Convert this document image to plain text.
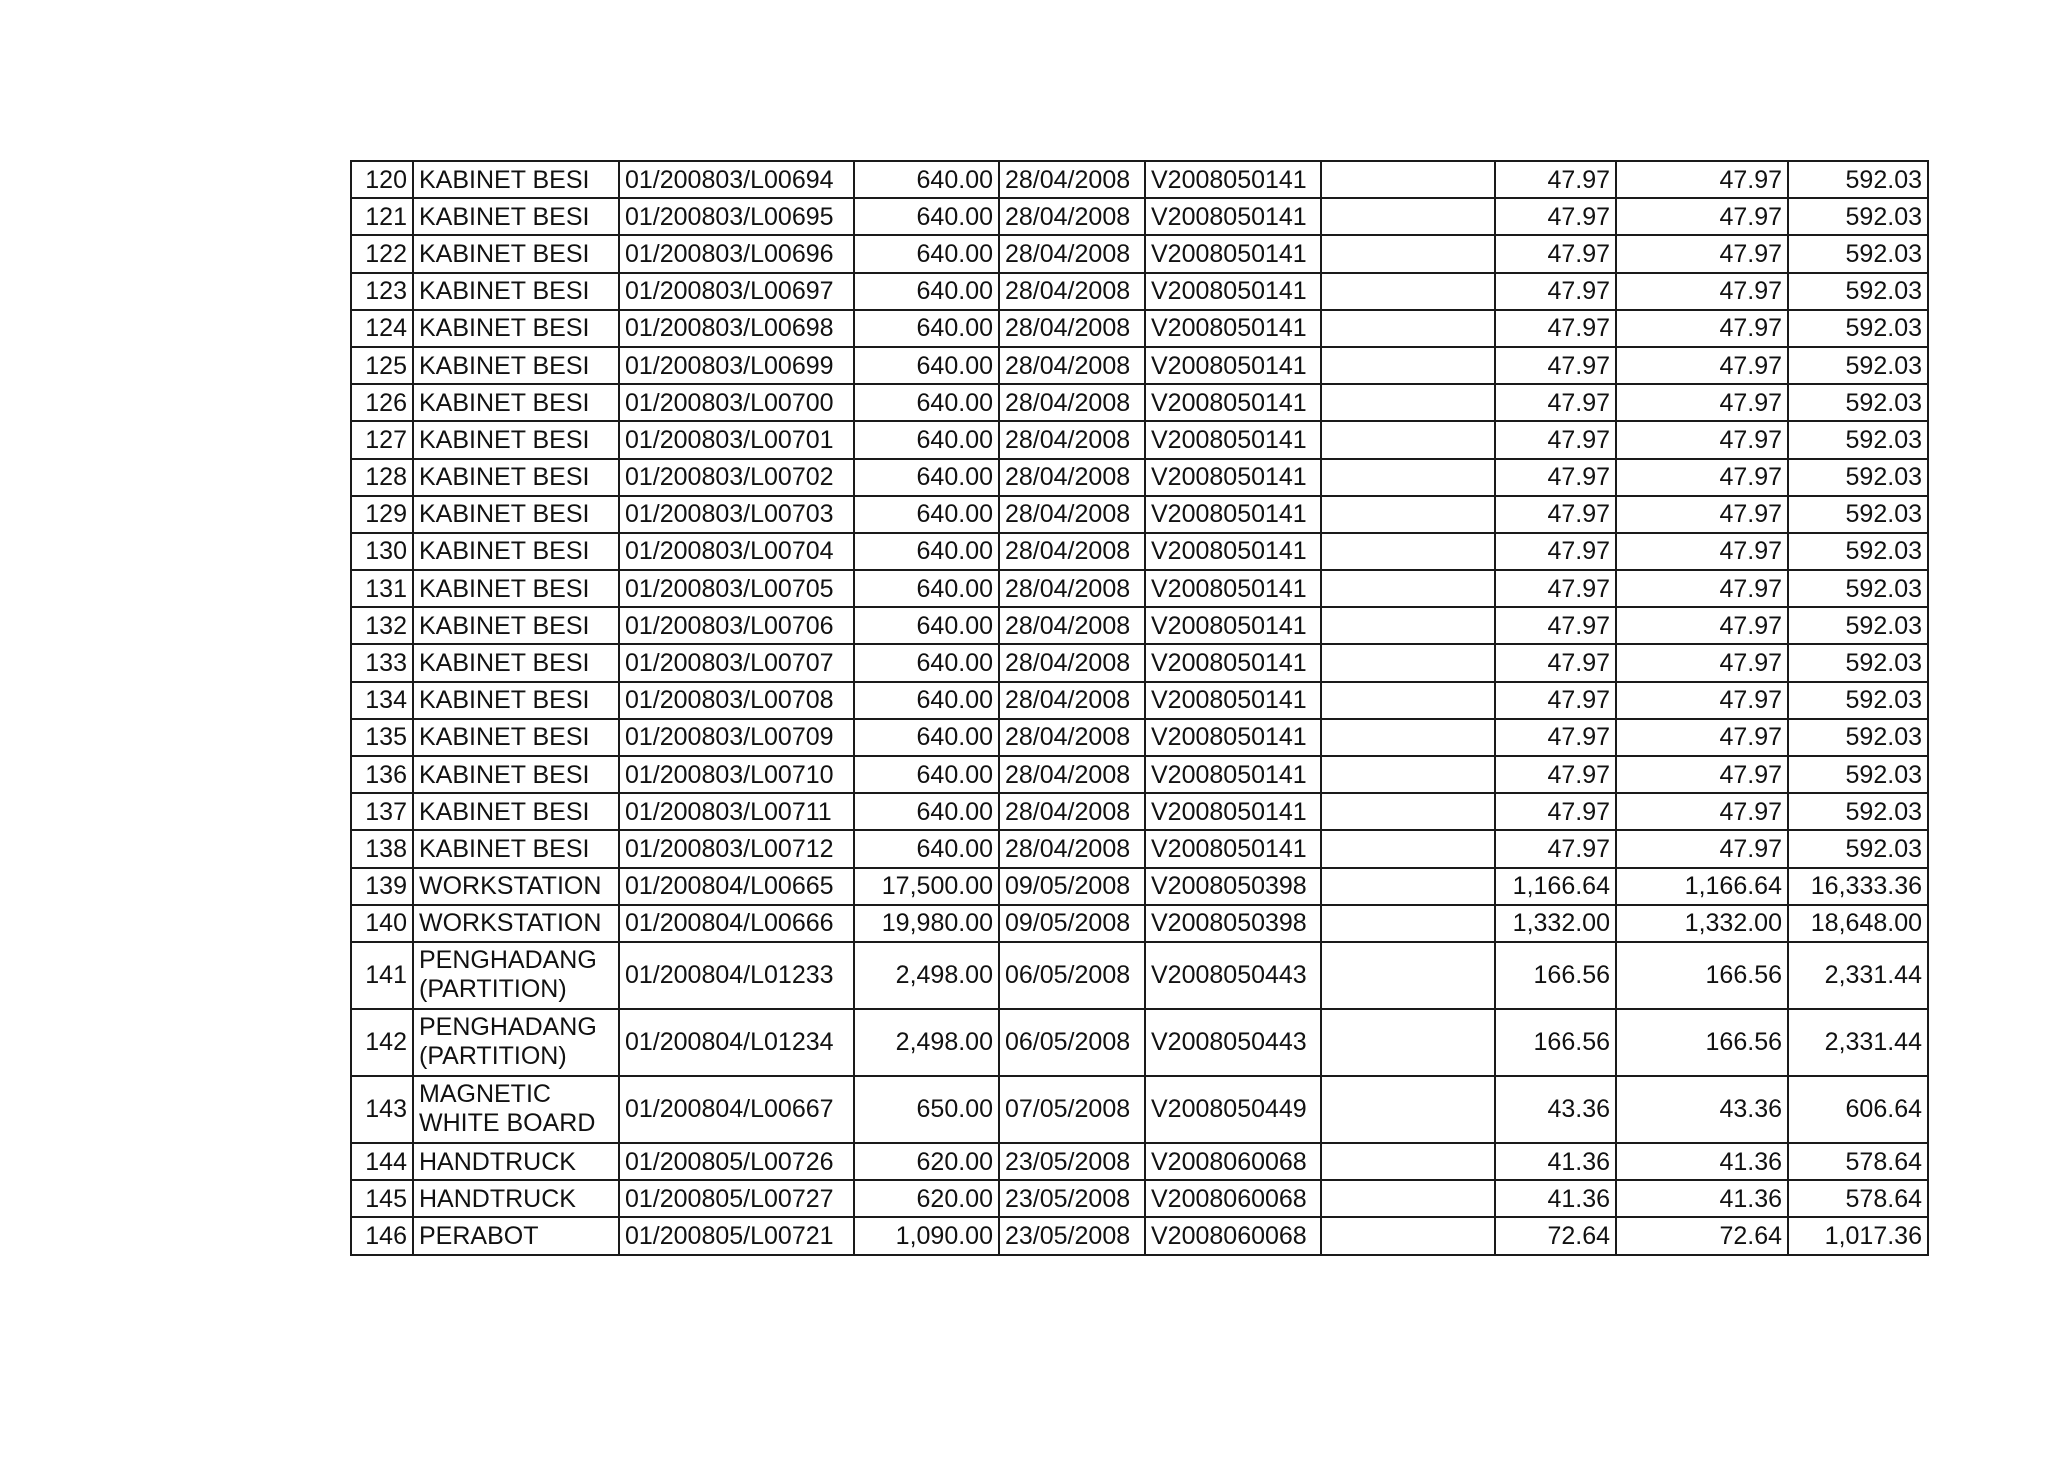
120	KABINET BESI	01/200803/L00694	640.00	28/04/2008	V2008050141		47.97	47.97	592.03
121	KABINET BESI	01/200803/L00695	640.00	28/04/2008	V2008050141		47.97	47.97	592.03
122	KABINET BESI	01/200803/L00696	640.00	28/04/2008	V2008050141		47.97	47.97	592.03
123	KABINET BESI	01/200803/L00697	640.00	28/04/2008	V2008050141		47.97	47.97	592.03
124	KABINET BESI	01/200803/L00698	640.00	28/04/2008	V2008050141		47.97	47.97	592.03
125	KABINET BESI	01/200803/L00699	640.00	28/04/2008	V2008050141		47.97	47.97	592.03
126	KABINET BESI	01/200803/L00700	640.00	28/04/2008	V2008050141		47.97	47.97	592.03
127	KABINET BESI	01/200803/L00701	640.00	28/04/2008	V2008050141		47.97	47.97	592.03
128	KABINET BESI	01/200803/L00702	640.00	28/04/2008	V2008050141		47.97	47.97	592.03
129	KABINET BESI	01/200803/L00703	640.00	28/04/2008	V2008050141		47.97	47.97	592.03
130	KABINET BESI	01/200803/L00704	640.00	28/04/2008	V2008050141		47.97	47.97	592.03
131	KABINET BESI	01/200803/L00705	640.00	28/04/2008	V2008050141		47.97	47.97	592.03
132	KABINET BESI	01/200803/L00706	640.00	28/04/2008	V2008050141		47.97	47.97	592.03
133	KABINET BESI	01/200803/L00707	640.00	28/04/2008	V2008050141		47.97	47.97	592.03
134	KABINET BESI	01/200803/L00708	640.00	28/04/2008	V2008050141		47.97	47.97	592.03
135	KABINET BESI	01/200803/L00709	640.00	28/04/2008	V2008050141		47.97	47.97	592.03
136	KABINET BESI	01/200803/L00710	640.00	28/04/2008	V2008050141		47.97	47.97	592.03
137	KABINET BESI	01/200803/L00711	640.00	28/04/2008	V2008050141		47.97	47.97	592.03
138	KABINET BESI	01/200803/L00712	640.00	28/04/2008	V2008050141		47.97	47.97	592.03
139	WORKSTATION	01/200804/L00665	17,500.00	09/05/2008	V2008050398		1,166.64	1,166.64	16,333.36
140	WORKSTATION	01/200804/L00666	19,980.00	09/05/2008	V2008050398		1,332.00	1,332.00	18,648.00
141	PENGHADANG (PARTITION)	01/200804/L01233	2,498.00	06/05/2008	V2008050443		166.56	166.56	2,331.44
142	PENGHADANG (PARTITION)	01/200804/L01234	2,498.00	06/05/2008	V2008050443		166.56	166.56	2,331.44
143	MAGNETIC WHITE BOARD	01/200804/L00667	650.00	07/05/2008	V2008050449		43.36	43.36	606.64
144	HANDTRUCK	01/200805/L00726	620.00	23/05/2008	V2008060068		41.36	41.36	578.64
145	HANDTRUCK	01/200805/L00727	620.00	23/05/2008	V2008060068		41.36	41.36	578.64
146	PERABOT	01/200805/L00721	1,090.00	23/05/2008	V2008060068		72.64	72.64	1,017.36
